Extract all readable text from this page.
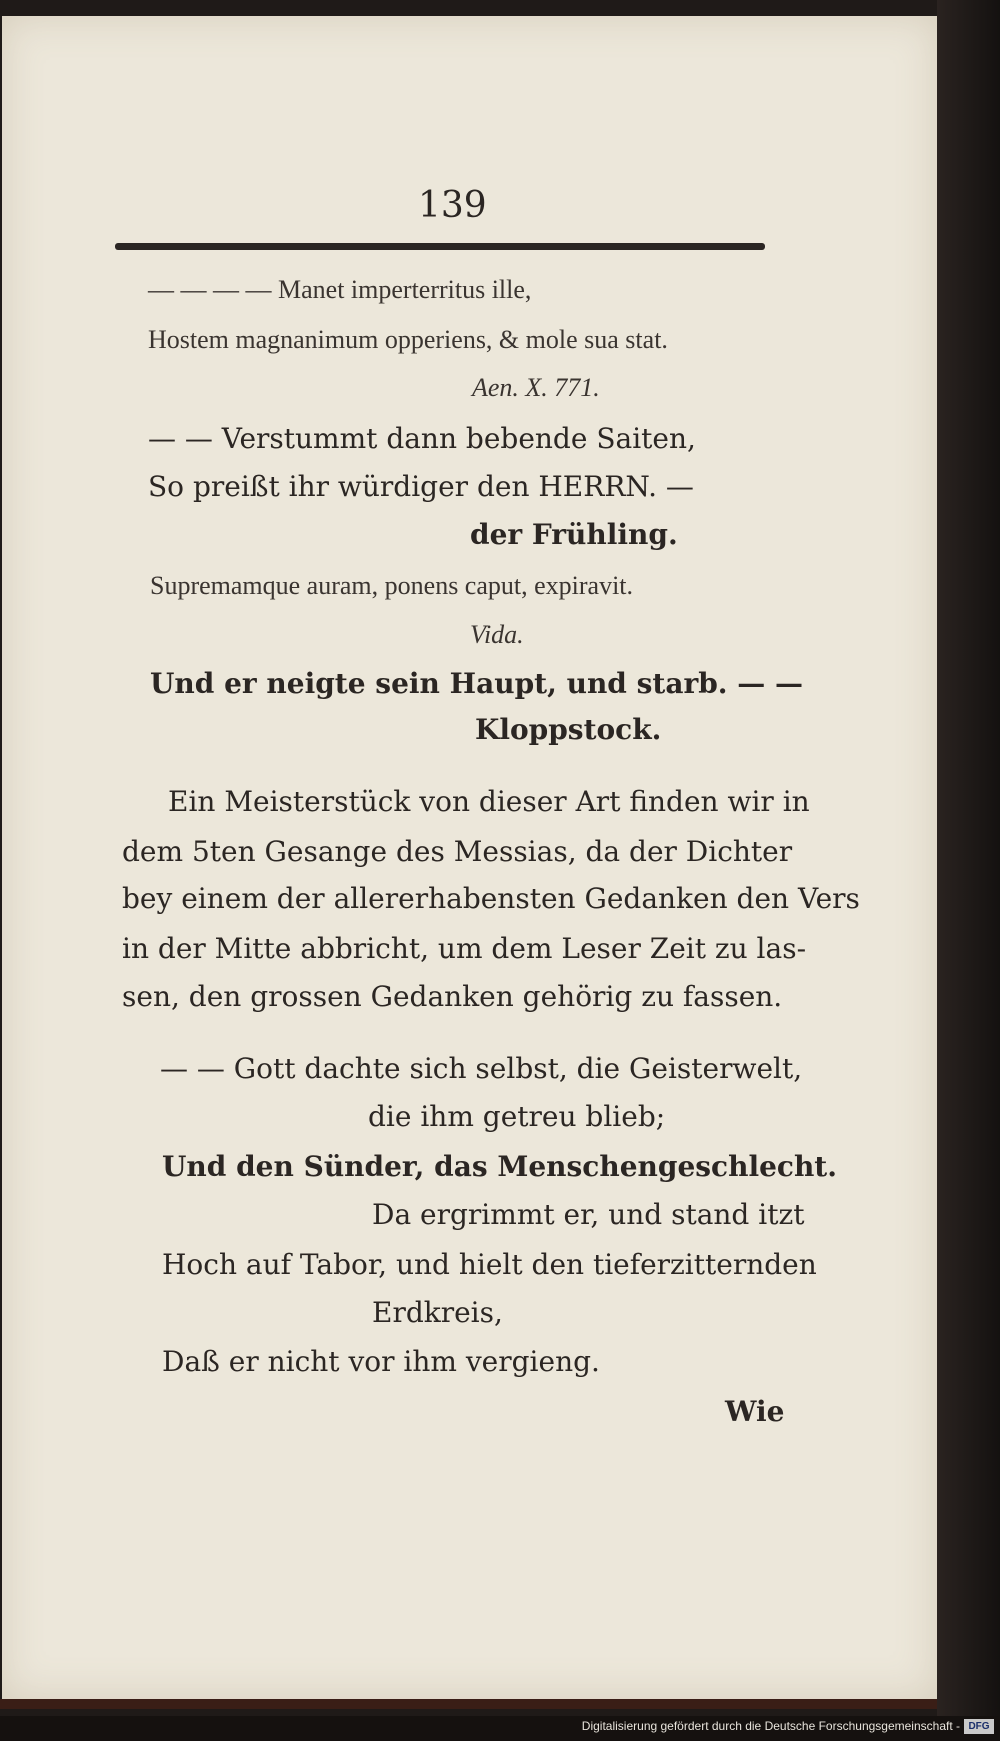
139
— — — — Manet imperterritus ille,
Hostem magnanimum opperiens, & mole sua stat.
Aen. X. 771.
— — Verstummt dann bebende Saiten,
So preißt ihr würdiger den HERRN. —
der Frühling.
Supremamque auram, ponens caput, expiravit.
Vida.
Und er neigte sein Haupt, und starb. — —
Kloppstock.
Ein Meisterstück von dieser Art finden wir in
dem 5ten Gesange des Messias, da der Dichter
bey einem der allererhabensten Gedanken den Vers
in der Mitte abbricht, um dem Leser Zeit zu las-
sen, den grossen Gedanken gehörig zu fassen.
— — Gott dachte sich selbst, die Geisterwelt,
die ihm getreu blieb;
Und den Sünder, das Menschengeschlecht.
Da ergrimmt er, und stand itzt
Hoch auf Tabor, und hielt den tieferzitternden
Erdkreis,
Daß er nicht vor ihm vergieng.
Wie
Digitalisierung gefördert durch die Deutsche Forschungsgemeinschaft - DFG
